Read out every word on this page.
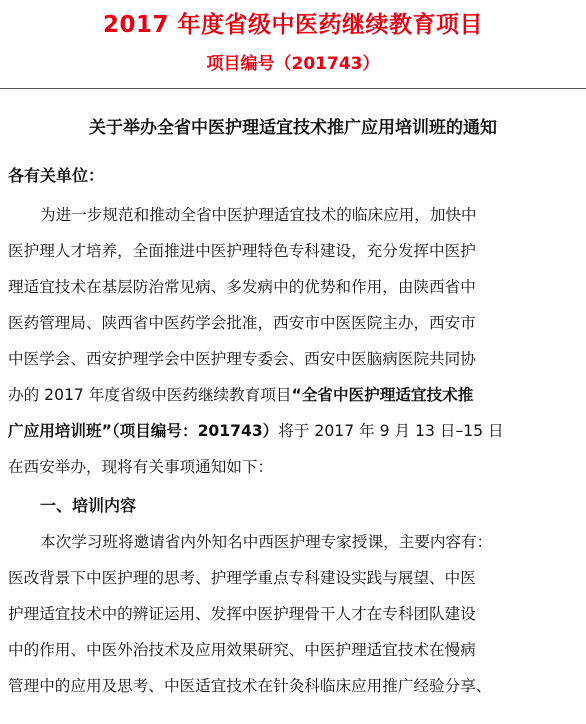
2017 年度省级中医药继续教育项目
项目编号（201743）
关于举办全省中医护理适宜技术推广应用培训班的通知
各有关单位：
为进一步规范和推动全省中医护理适宜技术的临床应用，加快中
医护理人才培养，全面推进中医护理特色专科建设，充分发挥中医护
理适宜技术在基层防治常见病、多发病中的优势和作用，由陕西省中
医药管理局、陕西省中医药学会批准，西安市中医医院主办，西安市
中医学会、西安护理学会中医护理专委会、西安中医脑病医院共同协
办的 2017 年度省级中医药继续教育项目“全省中医护理适宜技术推
广应用培训班”（项目编号：201743）将于 2017 年 9 月 13 日–15 日
在西安举办，现将有关事项通知如下：
一、培训内容
本次学习班将邀请省内外知名中西医护理专家授课，主要内容有：
医改背景下中医护理的思考、护理学重点专科建设实践与展望、中医
护理适宜技术中的辨证运用、发挥中医护理骨干人才在专科团队建设
中的作用、中医外治技术及应用效果研究、中医护理适宜技术在慢病
管理中的应用及思考、中医适宜技术在针灸科临床应用推广经验分享、
